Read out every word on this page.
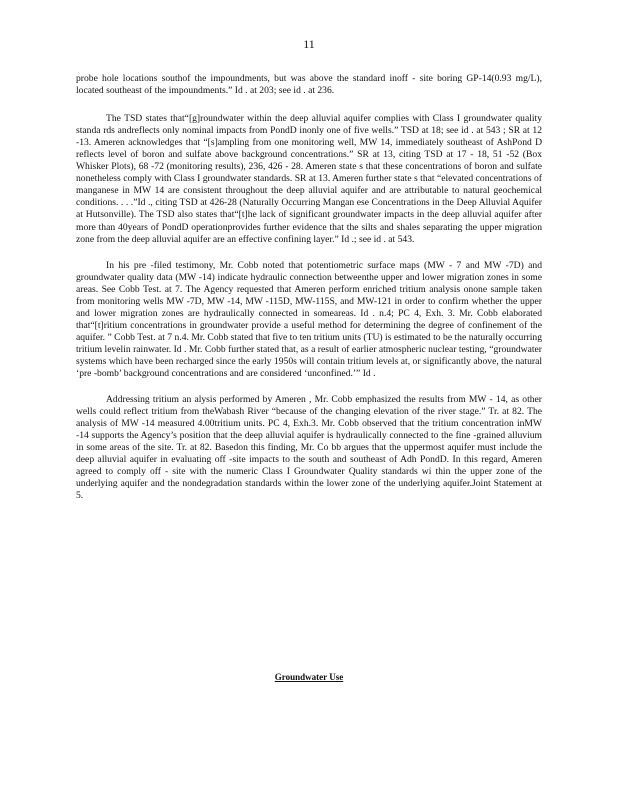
11

probe hole locations southof the impoundments, but was above the standard inoff - site boring GP-14(0.93 mg/L), located southeast of the impoundments.” Id . at 203; see id . at 236.

The TSD states that“[g]roundwater within the deep alluvial aquifer complies with Class I groundwater quality standa rds andreflects only nominal impacts from PondD inonly one of five wells.” TSD at 18; see id . at 543 ; SR at 12 -13. Ameren acknowledges that “[s]ampling from one monitoring well, MW 14, immediately southeast of AshPond D reflects level of boron and sulfate above background concentrations.” SR at 13, citing TSD at 17 - 18, 51 -52 (Box Whisker Plots), 68 -72 (monitoring results), 236, 426 - 28. Ameren state s that these concentrations of boron and sulfate nonetheless comply with Class I groundwater standards. SR at 13. Ameren further state s that “elevated concentrations of manganese in MW 14 are consistent throughout the deep alluvial aquifer and are attributable to natural geochemical conditions. . . .”Id ., citing TSD at 426-28 (Naturally Occurring Mangan ese Concentrations in the Deep Alluvial Aquifer at Hutsonville). The TSD also states that“[t]he lack of significant groundwater impacts in the deep alluvial aquifer after more than 40years of PondD operationprovides further evidence that the silts and shales separating the upper migration zone from the deep alluvial aquifer are an effective confining layer.” Id .; see id . at 543.

In his pre -filed testimony, Mr. Cobb noted that potentiometric surface maps (MW - 7 and MW -7D) and groundwater quality data (MW -14) indicate hydraulic connection betweenthe upper and lower migration zones in some areas. See Cobb Test. at 7. The Agency requested that Ameren perform enriched tritium analysis onone sample taken from monitoring wells MW -7D, MW -14, MW -115D, MW-115S, and MW-121 in order to confirm whether the upper and lower migration zones are hydraulically connected in someareas. Id . n.4; PC 4, Exh. 3. Mr. Cobb elaborated that“[t]ritium concentrations in groundwater provide a useful method for determining the degree of confinement of the aquifer. ” Cobb Test. at 7 n.4. Mr. Cobb stated that five to ten tritium units (TU) is estimated to be the naturally occurring tritium levelin rainwater. Id . Mr. Cobb further stated that, as a result of earlier atmospheric nuclear testing, “groundwater systems which have been recharged since the early 1950s will contain tritium levels at, or significantly above, the natural ‘pre -bomb’ background concentrations and are considered ‘unconfined.’” Id .

Addressing tritium an alysis performed by Ameren , Mr. Cobb emphasized the results from MW - 14, as other wells could reflect tritium from theWabash River “because of the changing elevation of the river stage.” Tr. at 82. The analysis of MW -14 measured 4.00tritium units. PC 4, Exh.3. Mr. Cobb observed that the tritium concentration inMW -14 supports the Agency’s position that the deep alluvial aquifer is hydraulically connected to the fine -grained alluvium in some areas of the site. Tr. at 82. Basedon this finding, Mr. Co bb argues that the uppermost aquifer must include the deep alluvial aquifer in evaluating off -site impacts to the south and southeast of Adh PondD. In this regard, Ameren agreed to comply off - site with the numeric Class I Groundwater Quality standards wi thin the upper zone of the underlying aquifer and the nondegradation standards within the lower zone of the underlying aquifer.Joint Statement at 5.

Groundwater Use
